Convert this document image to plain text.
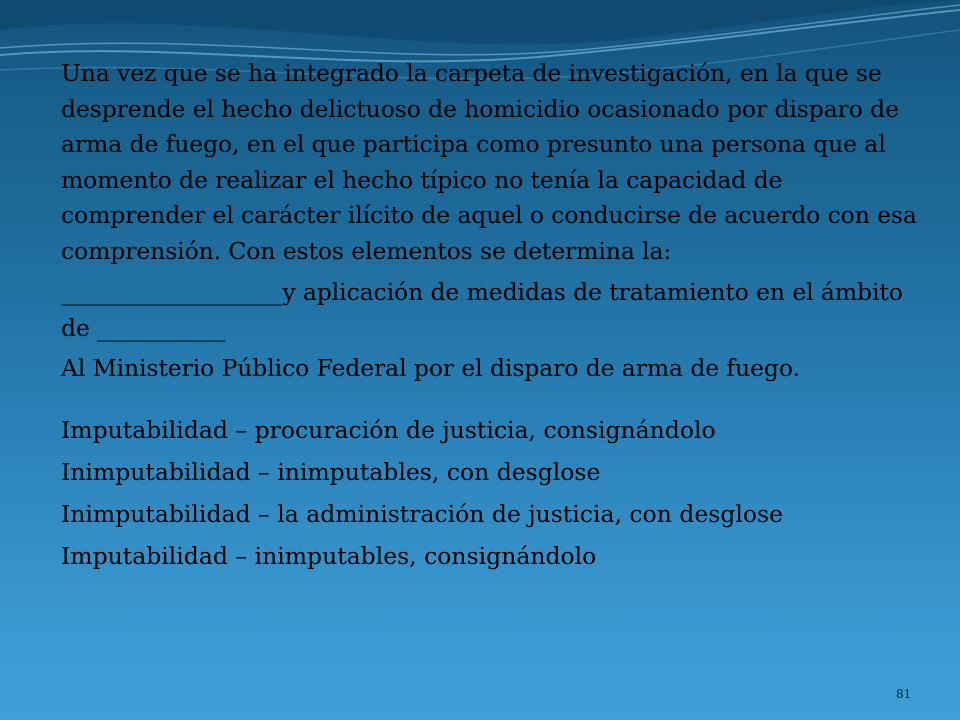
Una vez que se ha integrado la carpeta de investigación, en la que se desprende el hecho delictuoso de homicidio ocasionado por disparo de arma de fuego, en el que participa como presunto una persona que al momento de realizar el hecho típico no tenía la capacidad de comprender el carácter ilícito de aquel o conducirse de acuerdo con esa comprensión. Con estos elementos se determina la:

___________________y aplicación de medidas de tratamiento en el ámbito de ___________

Al Ministerio Público Federal por el disparo de arma de fuego.

Imputabilidad – procuración de justicia, consignándolo

Inimputabilidad – inimputables, con desglose

Inimputabilidad – la administración de justicia, con desglose

Imputabilidad – inimputables, consignándolo

81
